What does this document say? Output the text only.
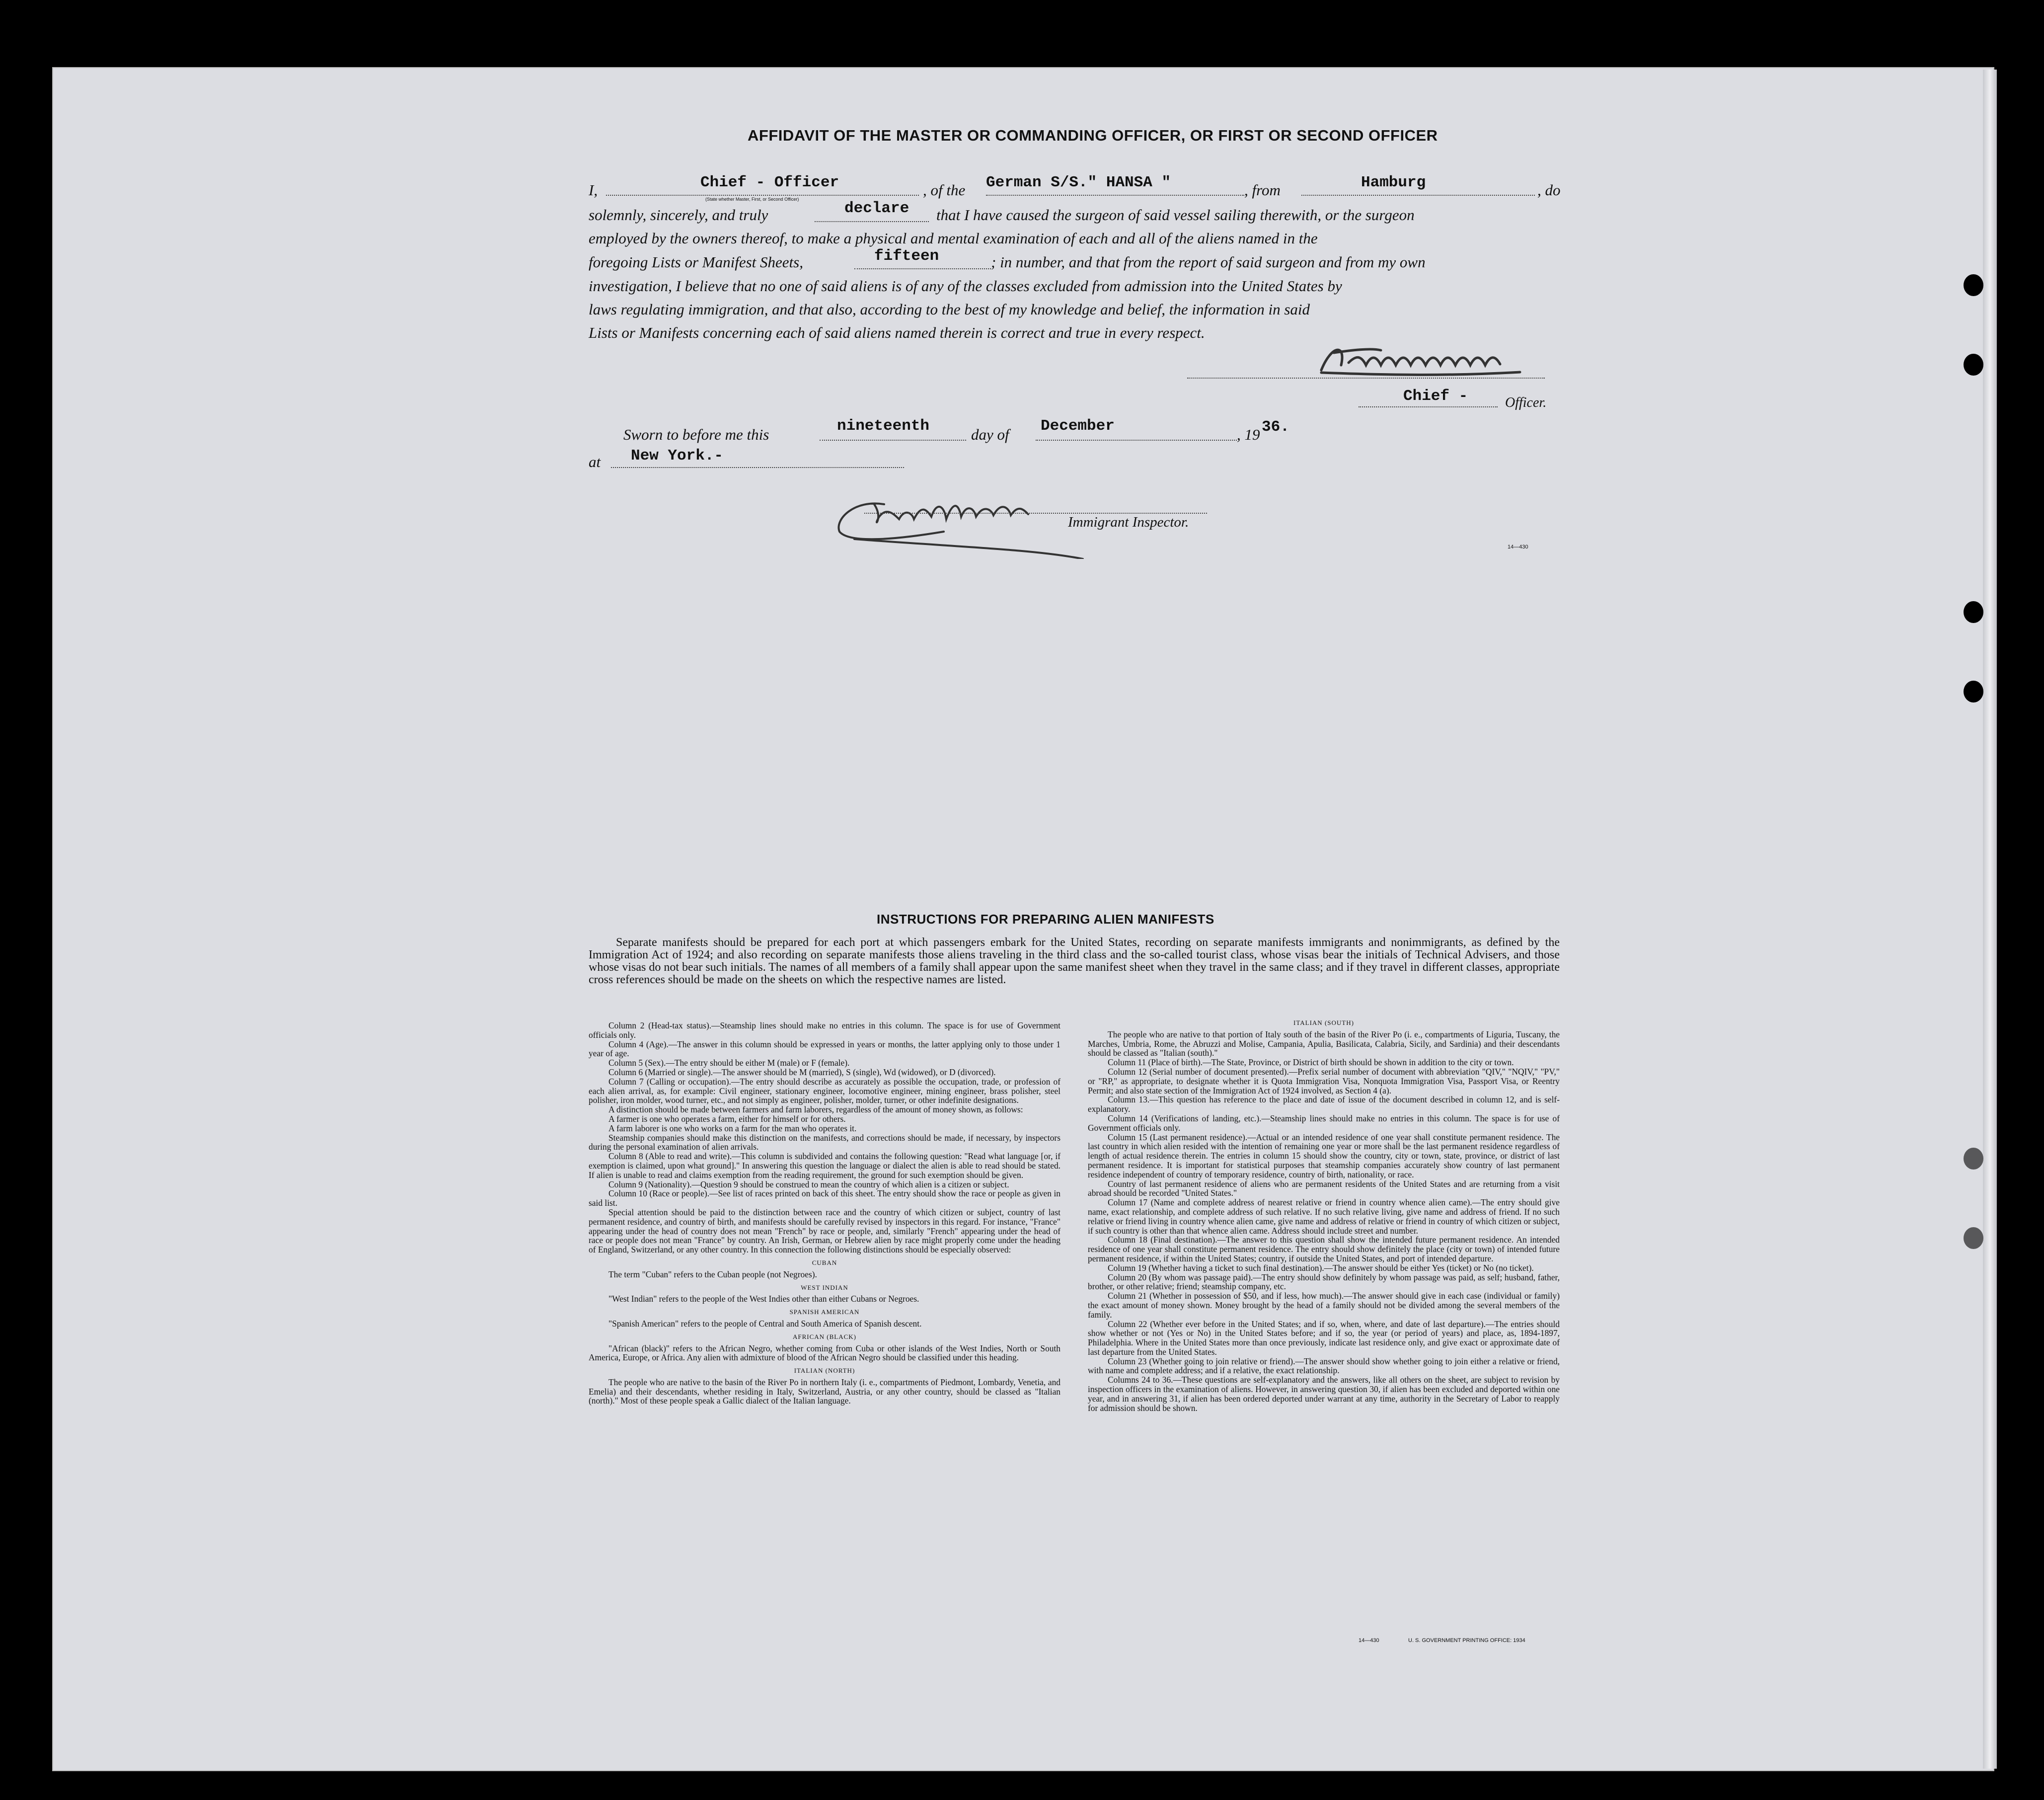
AFFIDAVIT OF THE MASTER OR COMMANDING OFFICER, OR FIRST OR SECOND OFFICER
I,	Chief - Officer
(State whether Master, First, or Second Officer)
, of the German S/S." HANSA "	, from	Hamburg	, do
solemnly, sincerely, and truly	declare that I have caused the surgeon of said vessel sailing therewith, or the surgeon
employed by the owners thereof, to make a physical and mental examination of each and all of the aliens named in the
foregoing Lists or Manifest Sheets,	fifteen	; in number, and that from the report of said surgeon and from my own
investigation, I believe that no one of said aliens is of any of the classes excluded from admission into the United States by
laws regulating immigration, and that also, according to the best of my knowledge and belief, the information in said
Lists or Manifests concerning each of said aliens named therein is correct and true in every respect.
Chief -	Officer.
Sworn to before me this	nineteenth	day of December	, 19 36.
at New York.-
Immigrant Inspector.
14—430
INSTRUCTIONS FOR PREPARING ALIEN MANIFESTS
Separate manifests should be prepared for each port at which passengers embark for the United States, recording on separate manifests immigrants and nonimmigrants, as defined by the Immigration Act of 1924; and also recording on separate manifests those aliens traveling in the third class and the so-called tourist class, whose visas bear the initials of Technical Advisers, and those whose visas do not bear such initials. The names of all members of a family shall appear upon the same manifest sheet when they travel in the same class; and if they travel in different classes, appropriate cross references should be made on the sheets on which the respective names are listed.

Column 2 (Head-tax status).—Steamship lines should make no entries in this column. The space is for use of Government officials only.

Column 4 (Age).—The answer in this column should be expressed in years or months, the latter applying only to those under 1 year of age.

Column 5 (Sex).—The entry should be either M (male) or F (female).

Column 6 (Married or single).—The answer should be M (married), S (single), Wd (widowed), or D (divorced).

Column 7 (Calling or occupation).—The entry should describe as accurately as possible the occupation, trade, or profession of each alien arrival, as, for example: Civil engineer, stationary engineer, locomotive engineer, mining engineer, brass polisher, steel polisher, iron molder, wood turner, etc., and not simply as engineer, polisher, molder, turner, or other indefinite designations.

A distinction should be made between farmers and farm laborers, regardless of the amount of money shown, as follows:

A farmer is one who operates a farm, either for himself or for others.

A farm laborer is one who works on a farm for the man who operates it.

Steamship companies should make this distinction on the manifests, and corrections should be made, if necessary, by inspectors during the personal examination of alien arrivals.

Column 8 (Able to read and write).—This column is subdivided and contains the following question: "Read what language [or, if exemption is claimed, upon what ground]." In answering this question the language or dialect the alien is able to read should be stated. If alien is unable to read and claims exemption from the reading requirement, the ground for such exemption should be given.

Column 9 (Nationality).—Question 9 should be construed to mean the country of which alien is a citizen or subject.

Column 10 (Race or people).—See list of races printed on back of this sheet. The entry should show the race or people as given in said list.

Special attention should be paid to the distinction between race and the country of which citizen or subject, country of last permanent residence, and country of birth, and manifests should be carefully revised by inspectors in this regard. For instance, "France" appearing under the head of country does not mean "French" by race or people, and, similarly "French" appearing under the head of race or people does not mean "France" by country. An Irish, German, or Hebrew alien by race might properly come under the heading of England, Switzerland, or any other country. In this connection the following distinctions should be especially observed:

CUBAN

The term "Cuban" refers to the Cuban people (not Negroes).

WEST INDIAN

"West Indian" refers to the people of the West Indies other than either Cubans or Negroes.

SPANISH AMERICAN

"Spanish American" refers to the people of Central and South America of Spanish descent.

AFRICAN (BLACK)

"African (black)" refers to the African Negro, whether coming from Cuba or other islands of the West Indies, North or South America, Europe, or Africa. Any alien with admixture of blood of the African Negro should be classified under this heading.

ITALIAN (NORTH)

The people who are native to the basin of the River Po in northern Italy (i. e., compartments of Piedmont, Lombardy, Venetia, and Emelia) and their descendants, whether residing in Italy, Switzerland, Austria, or any other country, should be classed as "Italian (north)." Most of these people speak a Gallic dialect of the Italian language.

ITALIAN (SOUTH)

The people who are native to that portion of Italy south of the basin of the River Po (i. e., compartments of Liguria, Tuscany, the Marches, Umbria, Rome, the Abruzzi and Molise, Campania, Apulia, Basilicata, Calabria, Sicily, and Sardinia) and their descendants should be classed as "Italian (south)."

Column 11 (Place of birth).—The State, Province, or District of birth should be shown in addition to the city or town.

Column 12 (Serial number of document presented).—Prefix serial number of document with abbreviation "QIV," "NQIV," "PV," or "RP," as appropriate, to designate whether it is Quota Immigration Visa, Nonquota Immigration Visa, Passport Visa, or Reentry Permit; and also state section of the Immigration Act of 1924 involved, as Section 4 (a).

Column 13.—This question has reference to the place and date of issue of the document described in column 12, and is self-explanatory.

Column 14 (Verifications of landing, etc.).—Steamship lines should make no entries in this column. The space is for use of Government officials only.

Column 15 (Last permanent residence).—Actual or an intended residence of one year shall constitute permanent residence. The last country in which alien resided with the intention of remaining one year or more shall be the last permanent residence regardless of length of actual residence therein. The entries in column 15 should show the country, city or town, state, province, or district of last permanent residence. It is important for statistical purposes that steamship companies accurately show country of last permanent residence independent of country of temporary residence, country of birth, nationality, or race.

Country of last permanent residence of aliens who are permanent residents of the United States and are returning from a visit abroad should be recorded "United States."

Column 17 (Name and complete address of nearest relative or friend in country whence alien came).—The entry should give name, exact relationship, and complete address of such relative. If no such relative living, give name and address of friend. If no such relative or friend living in country whence alien came, give name and address of relative or friend in country of which citizen or subject, if such country is other than that whence alien came. Address should include street and number.

Column 18 (Final destination).—The answer to this question shall show the intended future permanent residence. An intended residence of one year shall constitute permanent residence. The entry should show definitely the place (city or town) of intended future permanent residence, if within the United States; country, if outside the United States, and port of intended departure.

Column 19 (Whether having a ticket to such final destination).—The answer should be either Yes (ticket) or No (no ticket).

Column 20 (By whom was passage paid).—The entry should show definitely by whom passage was paid, as self; husband, father, brother, or other relative; friend; steamship company, etc.

Column 21 (Whether in possession of $50, and if less, how much).—The answer should give in each case (individual or family) the exact amount of money shown. Money brought by the head of a family should not be divided among the several members of the family.

Column 22 (Whether ever before in the United States; and if so, when, where, and date of last departure).—The entries should show whether or not (Yes or No) in the United States before; and if so, the year (or period of years) and place, as, 1894-1897, Philadelphia. Where in the United States more than once previously, indicate last residence only, and give exact or approximate date of last departure from the United States.

Column 23 (Whether going to join relative or friend).—The answer should show whether going to join either a relative or friend, with name and complete address; and if a relative, the exact relationship.

Columns 24 to 36.—These questions are self-explanatory and the answers, like all others on the sheet, are subject to revision by inspection officers in the examination of aliens. However, in answering question 30, if alien has been excluded and deported within one year, and in answering 31, if alien has been ordered deported under warrant at any time, authority in the Secretary of Labor to reapply for admission should be shown.

14—430	U. S. GOVERNMENT PRINTING OFFICE: 1934
